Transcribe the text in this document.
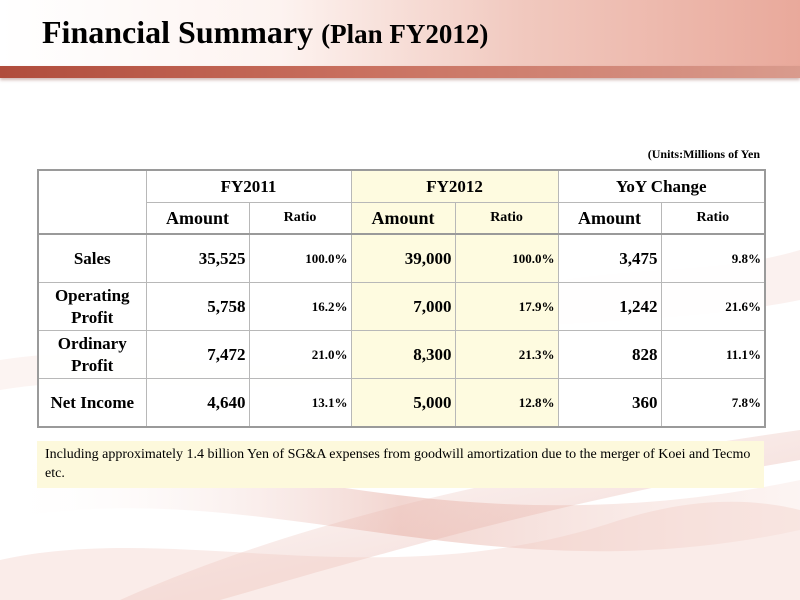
Financial Summary (Plan FY2012)
(Units:Millions of Yen
	FY2011		FY2012		YoY Change	
	Amount	Ratio	Amount	Ratio	Amount	Ratio
Sales	35,525	100.0%	39,000	100.0%	3,475	9.8%
Operating Profit	5,758	16.2%	7,000	17.9%	1,242	21.6%
Ordinary Profit	7,472	21.0%	8,300	21.3%	828	11.1%
Net Income	4,640	13.1%	5,000	12.8%	360	7.8%
Including approximately 1.4 billion Yen of SG&A expenses from goodwill amortization due to the merger of Koei and Tecmo etc.
